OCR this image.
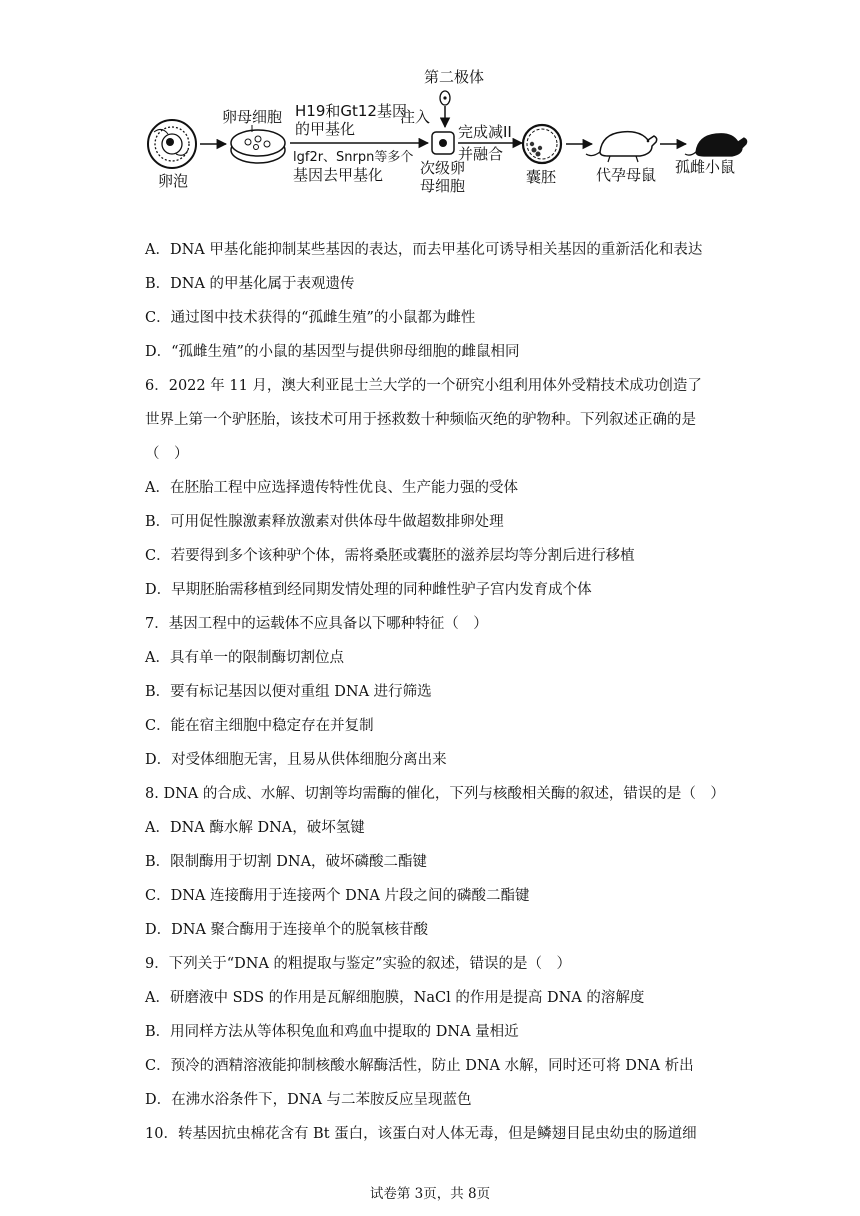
卵泡
卵母细胞 H19和Gt12基因
的甲基化
lgf2r、Snrpn等多个
基因去甲基化
第二极体
注入
次级卵
母细胞
完成减II
并融合
囊胚	代孕母鼠 孤雌小鼠
A．DNA 甲基化能抑制某些基因的表达，而去甲基化可诱导相关基因的重新活化和表达
B．DNA 的甲基化属于表观遗传
C．通过图中技术获得的“孤雌生殖”的小鼠都为雌性
D．“孤雌生殖”的小鼠的基因型与提供卵母细胞的雌鼠相同
6．2022 年 11 月，澳大利亚昆士兰大学的一个研究小组利用体外受精技术成功创造了
世界上第一个驴胚胎，该技术可用于拯救数十种频临灭绝的驴物种。下列叙述正确的是
（　）
A．在胚胎工程中应选择遗传特性优良、生产能力强的受体
B．可用促性腺激素释放激素对供体母牛做超数排卵处理
C．若要得到多个该种驴个体，需将桑胚或囊胚的滋养层均等分割后进行移植
D．早期胚胎需移植到经同期发情处理的同种雌性驴子宫内发育成个体
7．基因工程中的运载体不应具备以下哪种特征（　）
A．具有单一的限制酶切割位点
B．要有标记基因以便对重组 DNA 进行筛选
C．能在宿主细胞中稳定存在并复制
D．对受体细胞无害，且易从供体细胞分离出来
8. DNA 的合成、水解、切割等均需酶的催化，下列与核酸相关酶的叙述，错误的是（　）
A．DNA 酶水解 DNA，破坏氢键
B．限制酶用于切割 DNA，破坏磷酸二酯键
C．DNA 连接酶用于连接两个 DNA 片段之间的磷酸二酯键
D．DNA 聚合酶用于连接单个的脱氧核苷酸
9．下列关于“DNA 的粗提取与鉴定”实验的叙述，错误的是（　）
A．研磨液中 SDS 的作用是瓦解细胞膜，NaCl 的作用是提高 DNA 的溶解度
B．用同样方法从等体积兔血和鸡血中提取的 DNA 量相近
C．预冷的酒精溶液能抑制核酸水解酶活性，防止 DNA 水解，同时还可将 DNA 析出
D．在沸水浴条件下，DNA 与二苯胺反应呈现蓝色
10．转基因抗虫棉花含有 Bt 蛋白，该蛋白对人体无毒，但是鳞翅目昆虫幼虫的肠道细
试卷第 3页，共 8页
